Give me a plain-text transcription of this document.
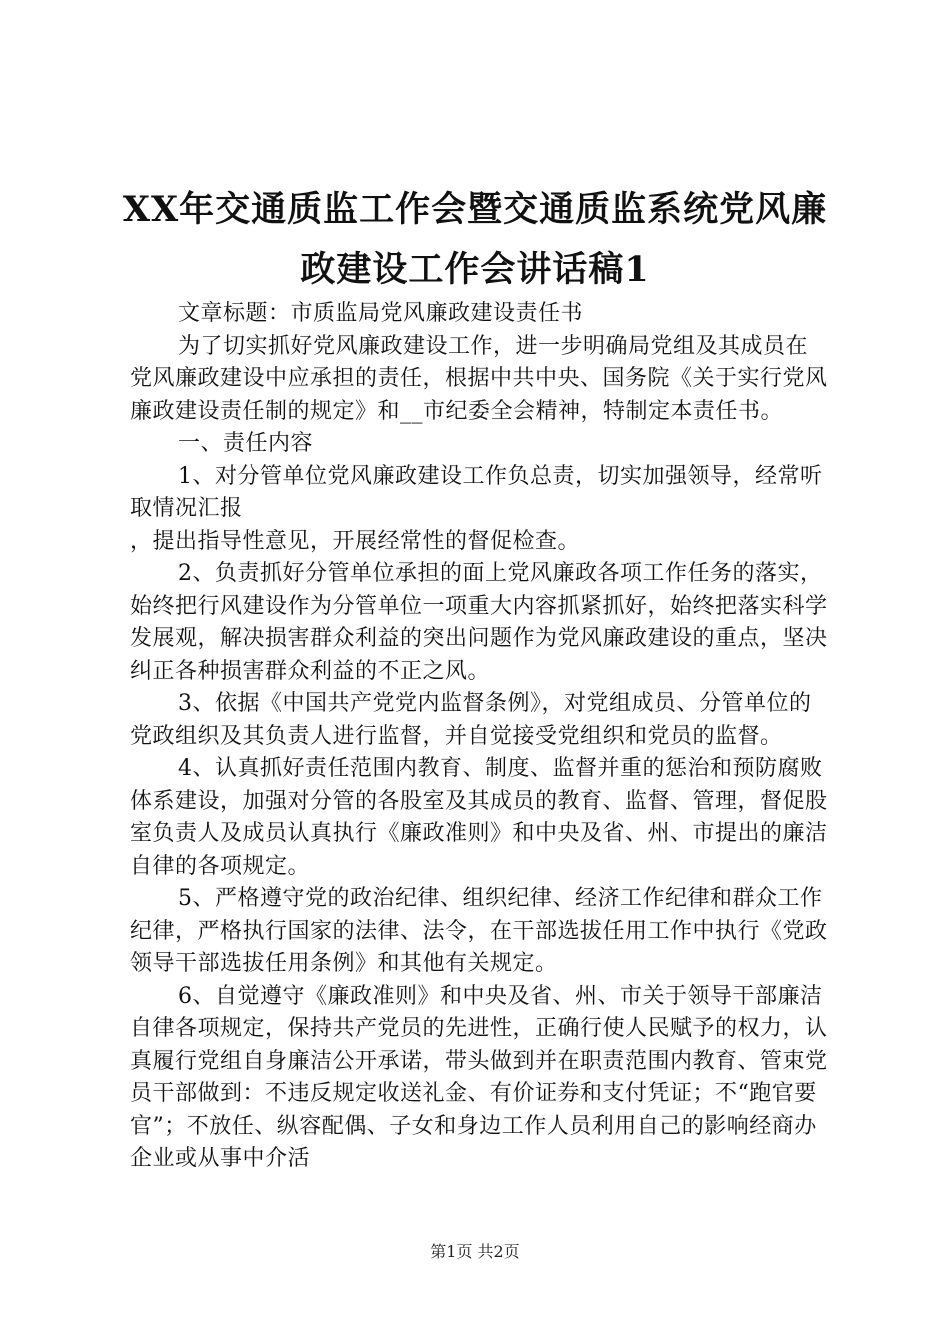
XX年交通质监工作会暨交通质监系统党风廉
政建设工作会讲话稿1

文章标题：市质监局党风廉政建设责任书

为了切实抓好党风廉政建设工作，进一步明确局党组及其成员在党风廉政建设中应承担的责任，根据中共中央、国务院《关于实行党风廉政建设责任制的规定》和__市纪委全会精神，特制定本责任书。

一、责任内容

1、对分管单位党风廉政建设工作负总责，切实加强领导，经常听取情况汇报

，提出指导性意见，开展经常性的督促检查。

2、负责抓好分管单位承担的面上党风廉政各项工作任务的落实，始终把行风建设作为分管单位一项重大内容抓紧抓好，始终把落实科学发展观，解决损害群众利益的突出问题作为党风廉政建设的重点，坚决纠正各种损害群众利益的不正之风。

3、依据《中国共产党党内监督条例》，对党组成员、分管单位的党政组织及其负责人进行监督，并自觉接受党组织和党员的监督。

4、认真抓好责任范围内教育、制度、监督并重的惩治和预防腐败体系建设，加强对分管的各股室及其成员的教育、监督、管理，督促股室负责人及成员认真执行《廉政准则》和中央及省、州、市提出的廉洁自律的各项规定。

5、严格遵守党的政治纪律、组织纪律、经济工作纪律和群众工作纪律，严格执行国家的法律、法令，在干部选拔任用工作中执行《党政领导干部选拔任用条例》和其他有关规定。

6、自觉遵守《廉政准则》和中央及省、州、市关于领导干部廉洁自律各项规定，保持共产党员的先进性，正确行使人民赋予的权力，认真履行党组自身廉洁公开承诺，带头做到并在职责范围内教育、管束党员干部做到：不违反规定收送礼金、有价证券和支付凭证；不“跑官要官”；不放任、纵容配偶、子女和身边工作人员利用自己的影响经商办企业或从事中介活

第1页 共2页
